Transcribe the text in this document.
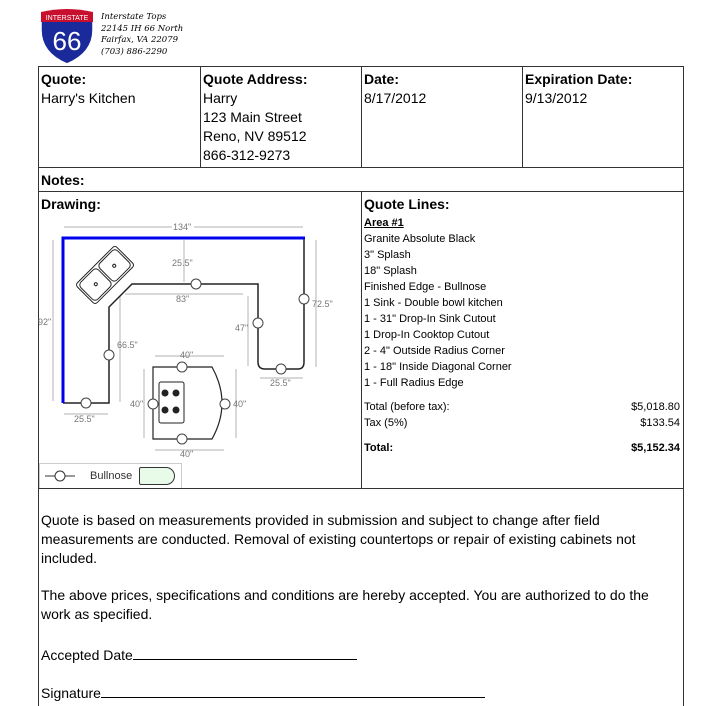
INTERSTATE
66
Interstate Tops
22145 IH 66 North
Fairfax, VA 22079
(703) 886-2290
Quote:
Harry's Kitchen
Quote Address:
Harry
123 Main Street
Reno, NV 89512
866-312-9273
Date:
8/17/2012
Expiration Date:
9/13/2012
Notes:
Drawing:
134"
25.5"
83"
92"
72.5"
47"
66.5"
40"
25.5"
25.5"
40"	40"
40"
Bullnose
Quote Lines:
Area #1
Granite Absolute Black
3" Splash
18" Splash
Finished Edge - Bullnose
1 Sink - Double bowl kitchen
1 - 31" Drop-In Sink Cutout
1 Drop-In Cooktop Cutout
2 - 4" Outside Radius Corner
1 - 18" Inside Diagonal Corner
1 - Full Radius Edge
Total (before tax):	$5,018.80
Tax (5%)	$133.54
Total:	$5,152.34
Quote is based on measurements provided in submission and subject to change after field measurements are conducted. Removal of existing countertops or repair of existing cabinets not included.
The above prices, specifications and conditions are hereby accepted. You are authorized to do the work as specified.
Accepted Date
Signature
